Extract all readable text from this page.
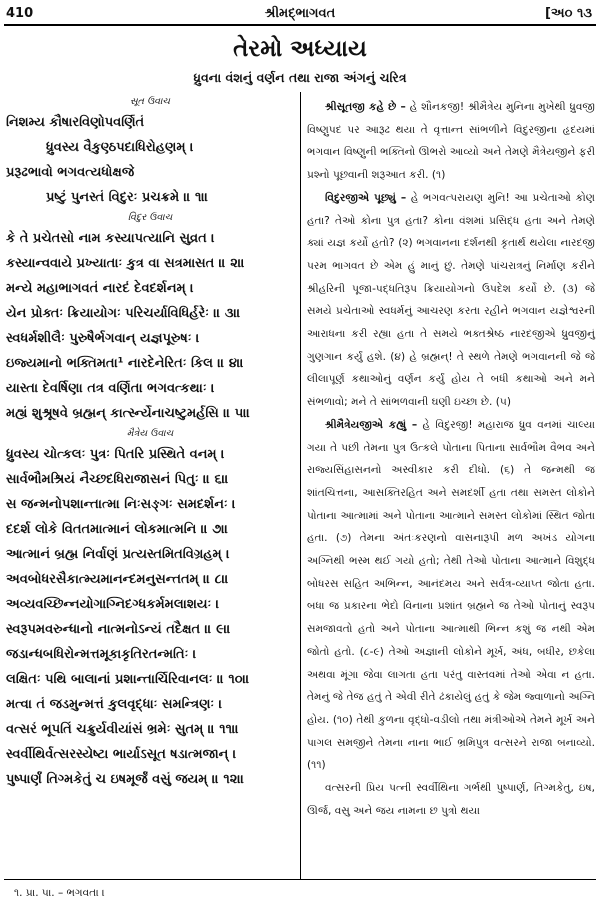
410	શ્રીમદ્‌ભાગવત	[અ૦ ૧૩
તેરમો અધ્યાય
ધ્રુવના વંશનું વર્ણન તથા રાજા અંગનું ચરિત્ર
સૂત ઉવાચ
નિશમ્ય કૌષારવિણોપવર્ણિતં
ધ્રુવસ્ય વૈકુણ્ઠપદાધિરોહણમ્ ।
પ્રરૂઢભાવો ભગવત્યધોક્ષજે
પ્રષ્ટું પુનસ્તં વિદુરઃ પ્રચક્રમે ॥ ૧॥
વિદુર ઉવાચ
કે તે પ્રચેતસો નામ કસ્યાપત્યાનિ સુવ્રત ।
કસ્યાન્વવાયે પ્રખ્યાતાઃ કુત્ર વા સત્રમાસત ॥ ૨॥
મન્યે મહાભાગવતં નારદં દેવદર્શનમ્ ।
યેન પ્રોક્તઃ ક્રિયાયોગઃ પરિચર્યાવિધિર્હરેઃ ॥ ૩॥
સ્વધર્મશીલૈઃ પુરુષૈર્ભગવાન્ યજ્ઞપૂરુષઃ ।
ઇજ્યમાનો ભક્તિમતા¹ નારદેનેરિતઃ કિલ ॥ ૪॥
યાસ્તા દેવર્ષિણા તત્ર વર્ણિતા ભગવત્કથાઃ ।
મહ્યં શુશ્રૂષવે બ્રહ્મન્ કાર્ત્સ્ન્યેનાચષ્ટુમર્હસિ ॥ ૫॥
મૈત્રેય ઉવાચ
ધ્રુવસ્ય ચોત્કલઃ પુત્રઃ પિતરિ પ્રસ્થિતે વનમ્ ।
સાર્વભૌમશ્રિયં નૈચ્છદધિરાજાસનં પિતુઃ ॥ ૬॥
સ જન્મનોપશાન્તાત્મા નિઃસઙ્ગઃ સમદર્શનઃ ।
દદર્શ લોકે વિતતમાત્માનં લોકમાત્મનિ ॥ ૭॥
આત્માનં બ્રહ્મ નિર્વાણં પ્રત્યસ્તમિતવિગ્રહમ્ ।
અવબોધરસૈકાત્મ્યમાનન્દમનુસન્તતમ્ ॥ ૮॥
અવ્યવચ્છિન્નયોગાગ્નિદગ્ધકર્મમલાશયઃ ।
સ્વરૂપમવરુન્ધાનો નાત્મનોઽન્યં તદૈક્ષત ॥ ૯॥
જડાન્ધબધિરોન્મત્તમૂકાકૃતિરતન્મતિઃ ।
લક્ષિતઃ પથિ બાલાનાં પ્રશાન્તાર્ચિરિવાનલઃ ॥ ૧૦॥
મત્વા તં જડમુન્મત્તં કુલવૃદ્ધાઃ સમન્ત્રિણઃ ।
વત્સરં ભૂપતિં ચક્રુર્યવીયાંસં ભ્રમેઃ સુતમ્ ॥ ૧૧॥
સ્વર્વીથિર્વત્સરસ્યેષ્ટા ભાર્યાઽસૂત ષડાત્મજાન્ ।
પુષ્પાર્ણં તિગ્મકેતું ચ ઇષમૂર્જં વસું જયમ્ ॥ ૧૨॥
શ્રીસૂતજી કહે છે – હે શૌનકજી! શ્રીમૈત્રેય મુનિના મુખેથી ધ્રુવજી વિષ્ણુપદ પર આરૂઢ થયા તે વૃત્તાન્ત સાંભળીને વિદુરજીના હૃદયમાં ભગવાન વિષ્ણુની ભક્તિનો ઊભરો આવ્યો અને તેમણે મૈત્રેયજીને ફરી પ્રશ્નો પૂછવાની શરૂઆત કરી. (૧)
વિદુરજીએ પૂછ્યું – હે ભગવત્પરાયણ મુનિ! આ પ્રચેતાઓ કોણ હતા? તેઓ કોના પુત્ર હતા? કોના વંશમાં પ્રસિદ્ધ હતા અને તેમણે ક્યાં યજ્ઞ કર્યો હતો? (૨) ભગવાનના દર્શનથી કૃતાર્થ થયેલા નારદજી પરમ ભાગવત છે એમ હું માનું છું. તેમણે પાંચરાત્રનું નિર્માણ કરીને શ્રીહરિની પૂજા-પદ્ધતિરૂપ ક્રિયાયોગનો ઉપદેશ કર્યો છે. (૩) જે સમયે પ્રચેતાઓ સ્વધર્મનું આચરણ કરતા રહીને ભગવાન યજ્ઞેશ્વરની આરાધના કરી રહ્યા હતા તે સમયે ભક્તશ્રેષ્ઠ નારદજીએ ધ્રુવજીનું ગુણગાન કર્યું હશે. (૪) હે બ્રહ્મન્! તે સ્થળે તેમણે ભગવાનની જે જે લીલાપૂર્ણ કથાઓનું વર્ણન કર્યું હોય તે બધી કથાઓ અને મને સંભળાવો; મને તે સાંભળવાની ઘણી ઇચ્છા છે. (૫)
શ્રીમૈત્રેયજીએ કહ્યું – હે વિદુરજી! મહારાજ ધ્રુવ વનમાં ચાલ્યા ગયા તે પછી તેમના પુત્ર ઉત્કલે પોતાના પિતાના સાર્વભૌમ વૈભવ અને રાજ્યસિંહાસનનો અસ્વીકાર કરી દીધો. (૬) તે જન્મથી જ શાંતચિત્તના, આસક્તિરહિત અને સમદર્શી હતા તથા સમસ્ત લોકોને પોતાના આત્મામાં અને પોતાના આત્માને સમસ્ત લોકોમાં સ્થિત જોતા હતા. (૭) તેમના અંતઃકરણનો વાસનારૂપી મળ અખંડ યોગના અગ્નિથી ભસ્મ થઈ ગયો હતો; તેથી તેઓ પોતાના આત્માને વિશુદ્ધ બોધરસ સહિત અભિન્ન, આનંદમય અને સર્વત્ર-વ્યાપ્ત જોતા હતા. બધા જ પ્રકારના ભેદો વિનાના પ્રશાંત બ્રહ્મને જ તેઓ પોતાનું સ્વરૂપ સમજાવતો હતો અને પોતાના આત્માથી ભિન્ન કશું જ નથી એમ જોતો હતો. (૮-૯) તેઓ અજ્ઞાની લોકોને મૂર્ખ, અંધ, બધીર, છકેલા અથવા મૂંગા જેવા લાગતા હતા પરંતુ વાસ્તવમાં તેઓ એવા ન હતા. તેમનું જે તેજ હતું તે એવી રીતે ઢંકાયેલું હતું કે જેમ જ્વાળાનો અગ્નિ હોય. (૧૦) તેથી કુળના વૃદ્ધો-વડીલો તથા મંત્રીઓએ તેમને મૂર્ખ અને પાગલ સમજીને તેમના નાના ભાઈ ભ્રમિપુત્ર વત્સરને રાજા બનાવ્યો. (૧૧)
વત્સરની પ્રિય પત્ની સ્વર્વીથિના ગર્ભથી પુષ્પાર્ણ, તિગ્મકેતુ, ઇષ, ઊર્જ, વસુ અને જય નામના છ પુત્રો થયા
૧. પ્રા. પા. – ભગવતા ।
